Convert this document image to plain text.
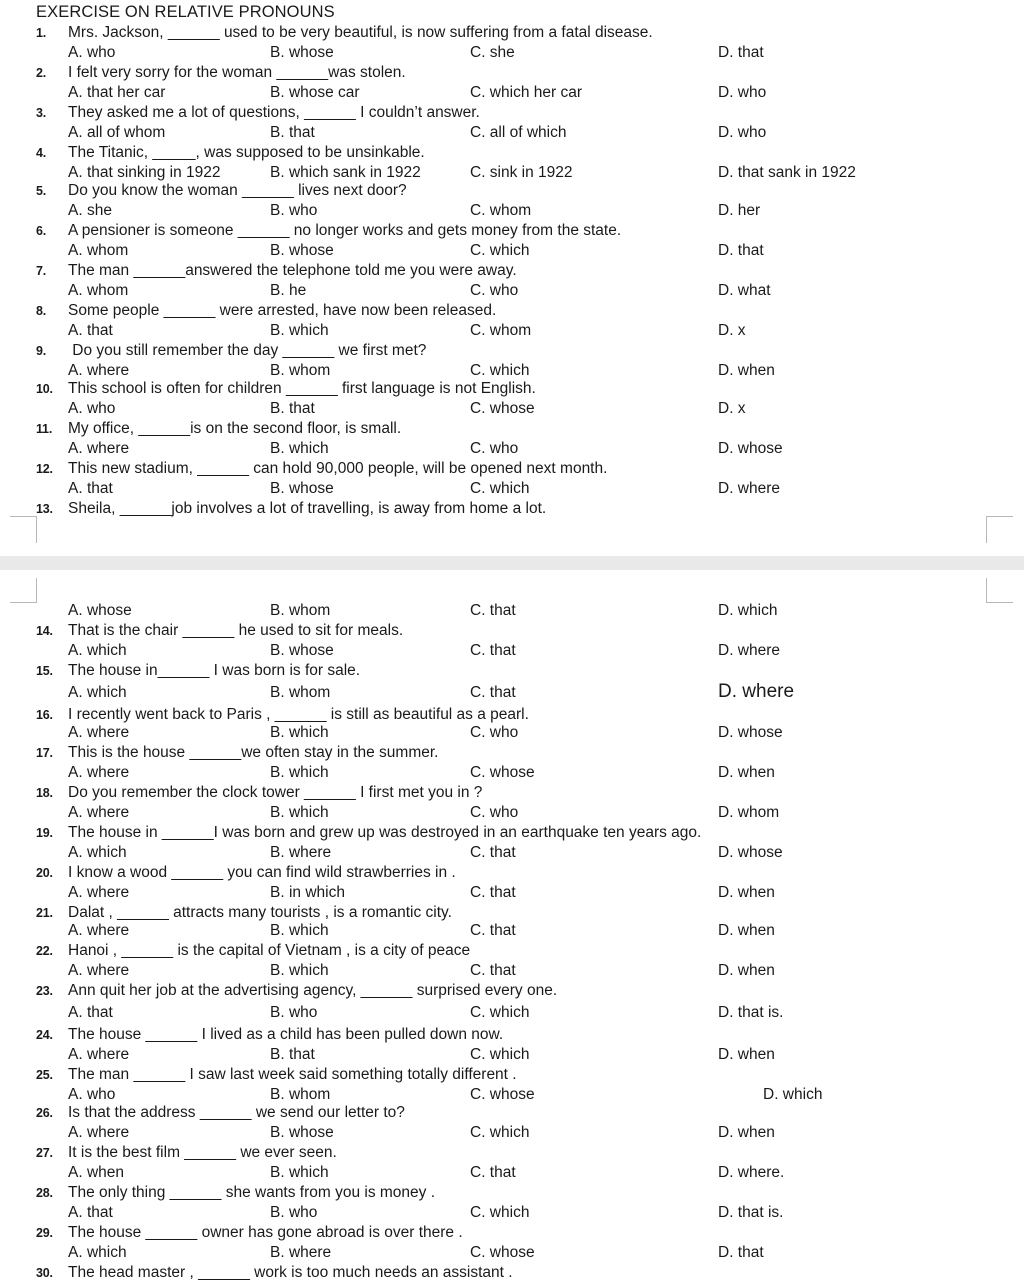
EXERCISE ON RELATIVE PRONOUNS
1. Mrs. Jackson, ______ used to be very beautiful, is now suffering from a fatal disease.
A. who	B. whose	C. she	D. that
2. I felt very sorry for the woman ______was stolen.
A. that her car	B. whose car	C. which her car	D. who
3. They asked me a lot of questions, ______ I couldn’t answer.
A. all of whom	B. that	C. all of which	D. who
4. The Titanic, _____, was supposed to be unsinkable.
A. that sinking in 1922	B. which sank in 1922	C. sink in 1922	D. that sank in 1922
5. Do you know the woman ______ lives next door?
A. she	B. who	C. whom	D. her
6. A pensioner is someone ______ no longer works and gets money from the state.
A. whom	B. whose	C. which	D. that
7. The man ______answered the telephone told me you were away.
A. whom	B. he	C. who	D. what
8. Some people ______ were arrested, have now been released.
A. that	B. which	C. whom	D. x
9. Do you still remember the day ______ we first met?
A. where	B. whom	C. which	D. when
10. This school is often for children ______ first language is not English.
A. who	B. that	C. whose	D. x
11. My office, ______is on the second floor, is small.
A. where	B. which	C. who	D. whose
12. This new stadium, ______ can hold 90,000 people, will be opened next month.
A. that	B. whose	C. which	D. where
13. Sheila, ______job involves a lot of travelling, is away from home a lot.
A. whose	B. whom	C. that	D. which
14. That is the chair ______ he used to sit for meals.
A. which	B. whose	C. that	D. where
15. The house in______ I was born is for sale.
A. which	B. whom	C. that	D. where
16. I recently went back to Paris , ______ is still as beautiful as a pearl.
A. where	B. which	C. who	D. whose
17. This is the house ______we often stay in the summer.
A. where	B. which	C. whose	D. when
18. Do you remember the clock tower ______ I first met you in ?
A. where	B. which	C. who	D. whom
19. The house in ______I was born and grew up was destroyed in an earthquake ten years ago.
A. which	B. where	C. that	D. whose
20. I know a wood ______ you can find wild strawberries in .
A. where	B. in which	C. that	D. when
21. Dalat , ______ attracts many tourists , is a romantic city.
A. where	B. which	C. that	D. when
22. Hanoi , ______ is the capital of Vietnam , is a city of peace
A. where	B. which	C. that	D. when
23. Ann quit her job at the advertising agency, ______ surprised every one.
A. that	B. who	C. which	D. that is.
24. The house ______ I lived as a child has been pulled down now.
A. where	B. that	C. which	D. when
25. The man ______ I saw last week said something totally different .
A. who	B. whom	C. whose	D. which
26. Is that the address ______ we send our letter to?
A. where	B. whose	C. which	D. when
27. It is the best film ______ we ever seen.
A. when	B. which	C. that	D. where.
28. The only thing ______ she wants from you is money .
A. that	B. who	C. which	D. that is.
29. The house ______ owner has gone abroad is over there .
A. which	B. where	C. whose	D. that
30. The head master , ______ work is too much needs an assistant .
